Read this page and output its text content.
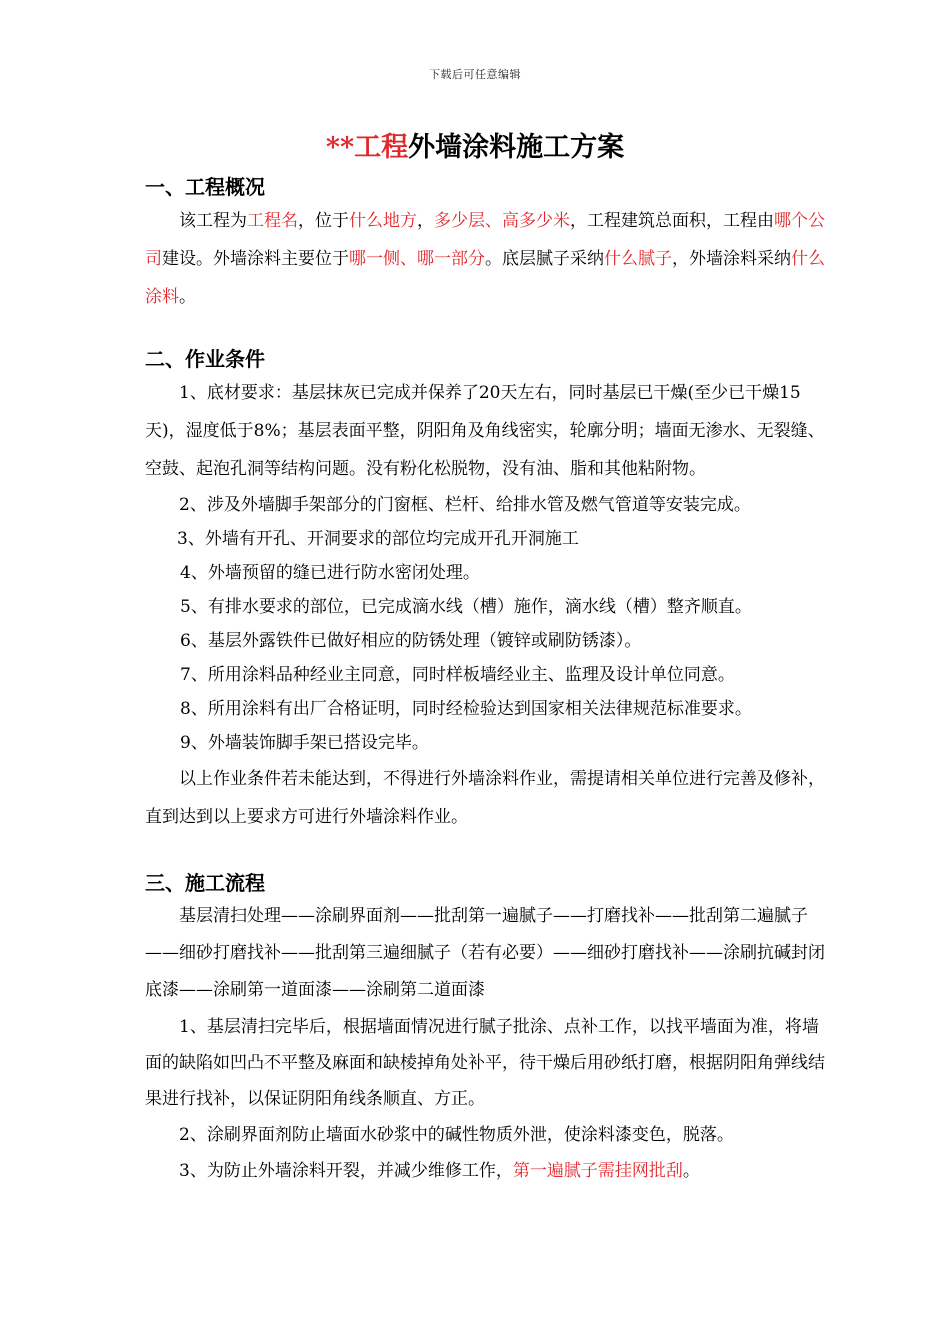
下载后可任意编辑
**工程外墙涂料施工方案
一、工程概况

该工程为工程名，位于什么地方，多少层、高多少米，工程建筑总面积，工程由哪个公司建设。外墙涂料主要位于哪一侧、哪一部分。底层腻子采纳什么腻子，外墙涂料采纳什么涂料。

二、作业条件

1、底材要求：基层抹灰已完成并保养了20天左右，同时基层已干燥(至少已干燥15天)，湿度低于8%；基层表面平整，阴阳角及角线密实，轮廓分明；墙面无渗水、无裂缝、空鼓、起泡孔洞等结构问题。没有粉化松脱物，没有油、脂和其他粘附物。

2、涉及外墙脚手架部分的门窗框、栏杆、给排水管及燃气管道等安装完成。

3、外墙有开孔、开洞要求的部位均完成开孔开洞施工

4、外墙预留的缝已进行防水密闭处理。

5、有排水要求的部位，已完成滴水线（槽）施作，滴水线（槽）整齐顺直。

6、基层外露铁件已做好相应的防锈处理（镀锌或刷防锈漆）。

7、所用涂料品种经业主同意，同时样板墙经业主、监理及设计单位同意。

8、所用涂料有出厂合格证明，同时经检验达到国家相关法律规范标准要求。

9、外墙装饰脚手架已搭设完毕。

以上作业条件若未能达到，不得进行外墙涂料作业，需提请相关单位进行完善及修补，直到达到以上要求方可进行外墙涂料作业。

三、施工流程

基层清扫处理——涂刷界面剂——批刮第一遍腻子——打磨找补——批刮第二遍腻子——细砂打磨找补——批刮第三遍细腻子（若有必要）——细砂打磨找补——涂刷抗碱封闭底漆——涂刷第一道面漆——涂刷第二道面漆

1、基层清扫完毕后，根据墙面情况进行腻子批涂、点补工作，以找平墙面为准，将墙面的缺陷如凹凸不平整及麻面和缺棱掉角处补平，待干燥后用砂纸打磨，根据阴阳角弹线结果进行找补，以保证阴阳角线条顺直、方正。

2、涂刷界面剂防止墙面水砂浆中的碱性物质外泄，使涂料漆变色，脱落。

3、为防止外墙涂料开裂，并减少维修工作，第一遍腻子需挂网批刮。
